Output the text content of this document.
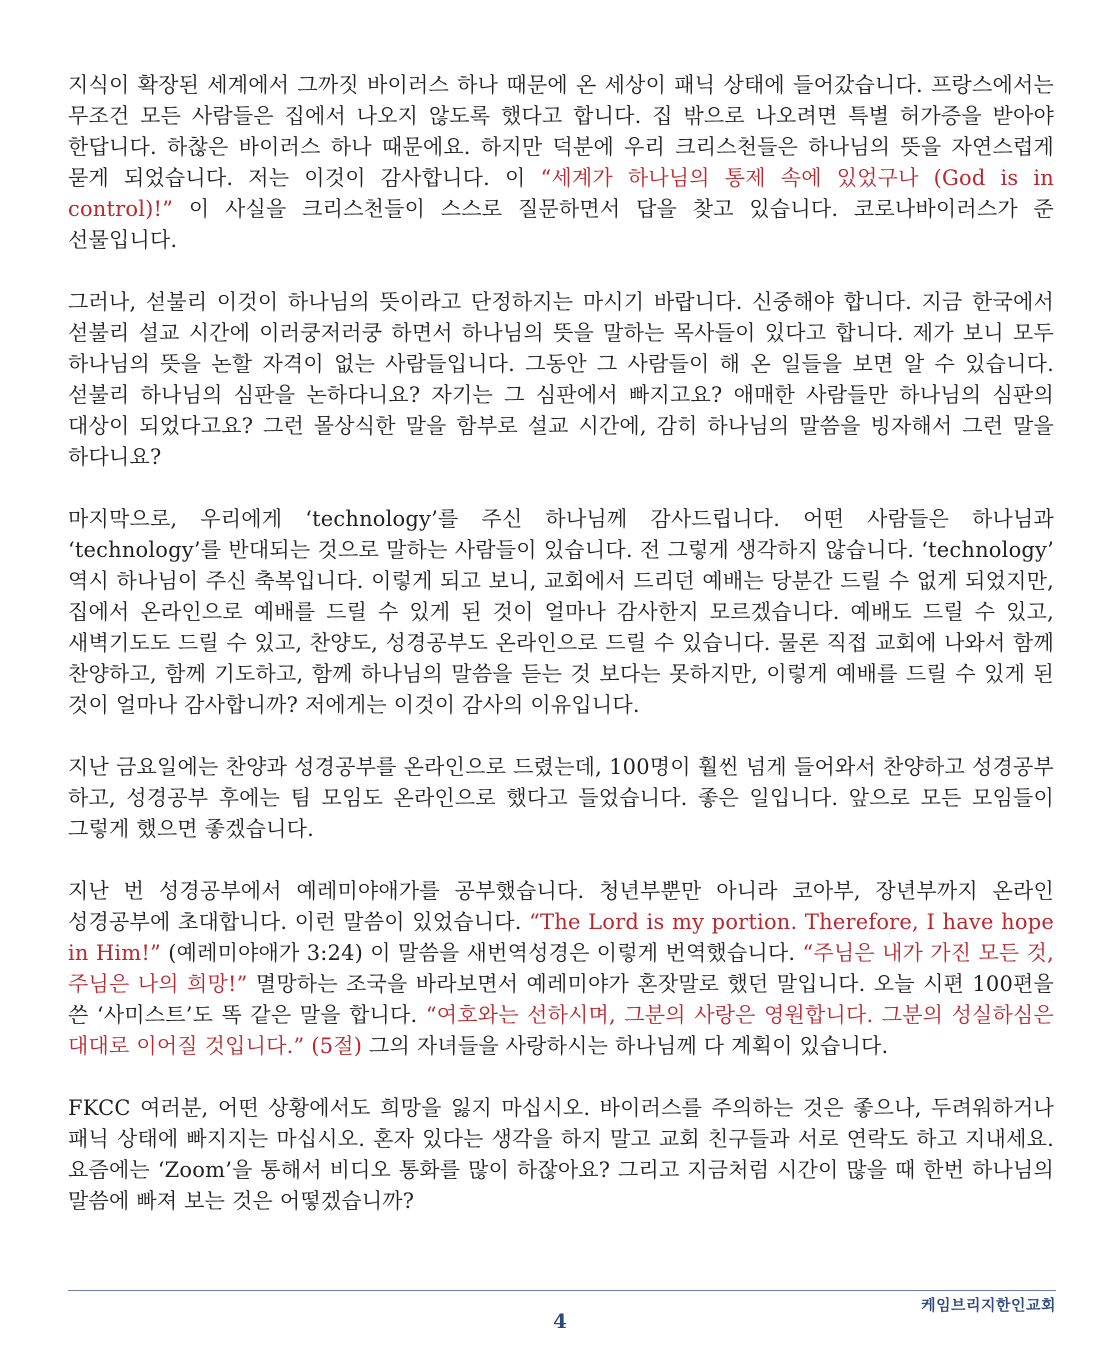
지식이 확장된 세계에서 그까짓 바이러스 하나 때문에 온 세상이 패닉 상태에 들어갔습니다. 프랑스에서는 무조건 모든 사람들은 집에서 나오지 않도록 했다고 합니다. 집 밖으로 나오려면 특별 허가증을 받아야 한답니다. 하찮은 바이러스 하나 때문에요. 하지만 덕분에 우리 크리스천들은 하나님의 뜻을 자연스럽게 묻게 되었습니다. 저는 이것이 감사합니다. 이 “세계가 하나님의 통제 속에 있었구나 (God is in control)!” 이 사실을 크리스천들이 스스로 질문하면서 답을 찾고 있습니다. 코로나바이러스가 준 선물입니다.

그러나, 섣불리 이것이 하나님의 뜻이라고 단정하지는 마시기 바랍니다. 신중해야 합니다. 지금 한국에서 섣불리 설교 시간에 이러쿵저러쿵 하면서 하나님의 뜻을 말하는 목사들이 있다고 합니다. 제가 보니 모두 하나님의 뜻을 논할 자격이 없는 사람들입니다. 그동안 그 사람들이 해 온 일들을 보면 알 수 있습니다. 섣불리 하나님의 심판을 논하다니요? 자기는 그 심판에서 빠지고요? 애매한 사람들만 하나님의 심판의 대상이 되었다고요? 그런 몰상식한 말을 함부로 설교 시간에, 감히 하나님의 말씀을 빙자해서 그런 말을 하다니요?

마지막으로, 우리에게 ‘technology’를 주신 하나님께 감사드립니다. 어떤 사람들은 하나님과 ‘technology’를 반대되는 것으로 말하는 사람들이 있습니다. 전 그렇게 생각하지 않습니다. ‘technology’ 역시 하나님이 주신 축복입니다. 이렇게 되고 보니, 교회에서 드리던 예배는 당분간 드릴 수 없게 되었지만, 집에서 온라인으로 예배를 드릴 수 있게 된 것이 얼마나 감사한지 모르겠습니다. 예배도 드릴 수 있고, 새벽기도도 드릴 수 있고, 찬양도, 성경공부도 온라인으로 드릴 수 있습니다. 물론 직접 교회에 나와서 함께 찬양하고, 함께 기도하고, 함께 하나님의 말씀을 듣는 것 보다는 못하지만, 이렇게 예배를 드릴 수 있게 된 것이 얼마나 감사합니까? 저에게는 이것이 감사의 이유입니다.

지난 금요일에는 찬양과 성경공부를 온라인으로 드렸는데, 100명이 훨씬 넘게 들어와서 찬양하고 성경공부 하고, 성경공부 후에는 팀 모임도 온라인으로 했다고 들었습니다. 좋은 일입니다. 앞으로 모든 모임들이 그렇게 했으면 좋겠습니다.

지난 번 성경공부에서 예레미야애가를 공부했습니다. 청년부뿐만 아니라 코아부, 장년부까지 온라인 성경공부에 초대합니다. 이런 말씀이 있었습니다. “The Lord is my portion. Therefore, I have hope in Him!” (예레미야애가 3:24) 이 말씀을 새번역성경은 이렇게 번역했습니다. “주님은 내가 가진 모든 것, 주님은 나의 희망!” 멸망하는 조국을 바라보면서 예레미야가 혼잣말로 했던 말입니다. 오늘 시편 100편을 쓴 ‘사미스트’도 똑 같은 말을 합니다. “여호와는 선하시며, 그분의 사랑은 영원합니다. 그분의 성실하심은 대대로 이어질 것입니다.” (5절) 그의 자녀들을 사랑하시는 하나님께 다 계획이 있습니다.

FKCC 여러분, 어떤 상황에서도 희망을 잃지 마십시오. 바이러스를 주의하는 것은 좋으나, 두려워하거나 패닉 상태에 빠지지는 마십시오. 혼자 있다는 생각을 하지 말고 교회 친구들과 서로 연락도 하고 지내세요. 요즘에는 ‘Zoom’을 통해서 비디오 통화를 많이 하잖아요? 그리고 지금처럼 시간이 많을 때 한번 하나님의 말씀에 빠져 보는 것은 어떻겠습니까?

케임브리지한인교회
4
